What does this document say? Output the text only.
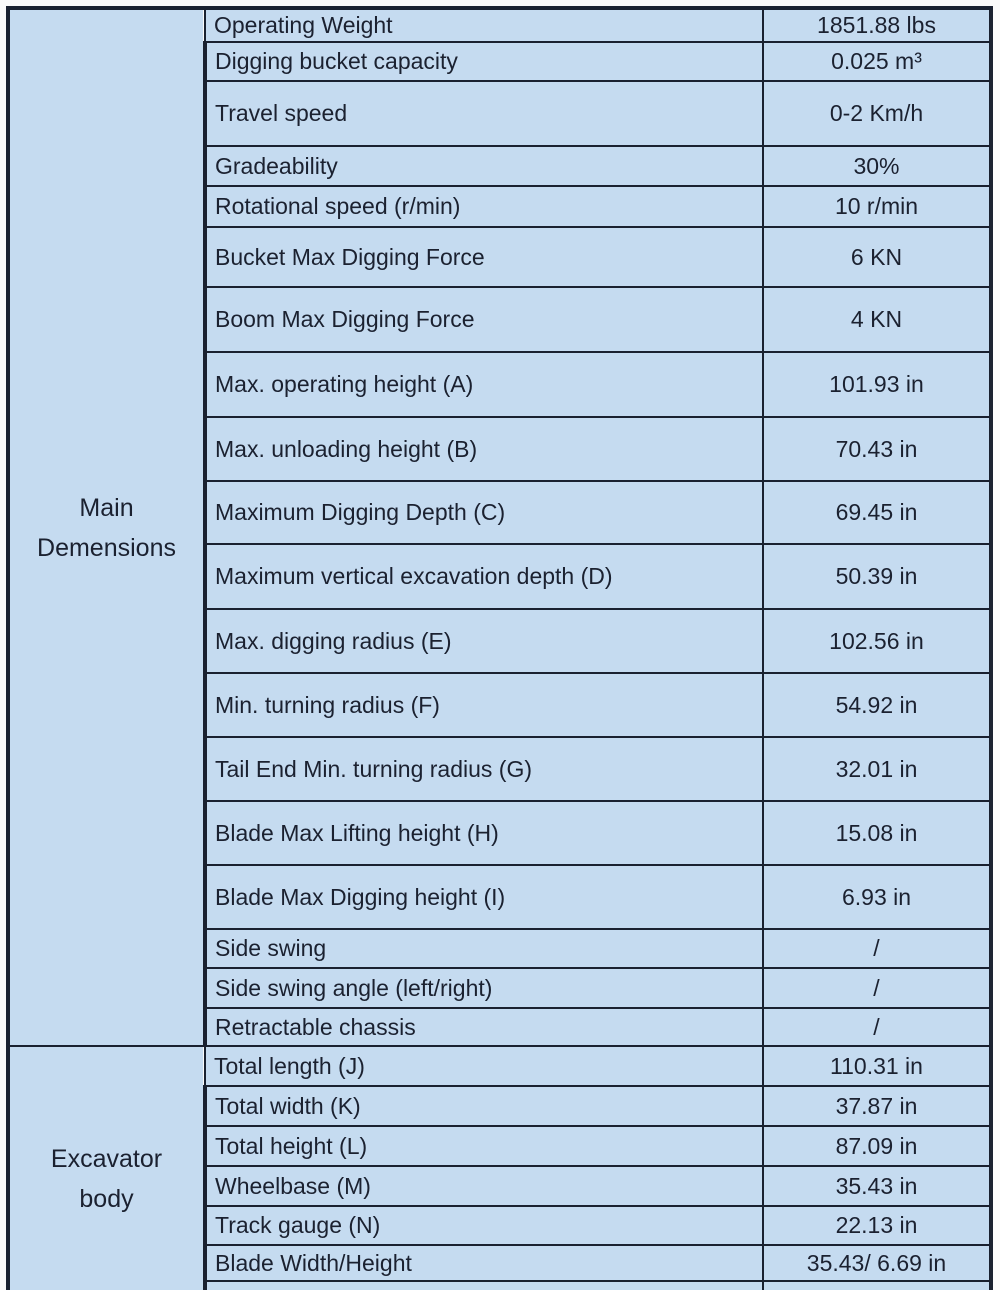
Main Demensions	Operating Weight	1851.88 lbs
	Digging bucket capacity	0.025 m³
	Travel speed	0-2 Km/h
	Gradeability	30%
	Rotational speed (r/min)	10 r/min
	Bucket Max Digging Force	6 KN
	Boom Max Digging Force	4 KN
	Max. operating height (A)	101.93 in
	Max. unloading height (B)	70.43 in
	Maximum Digging Depth (C)	69.45 in
	Maximum vertical excavation depth (D)	50.39 in
	Max. digging radius (E)	102.56 in
	Min. turning radius (F)	54.92 in
	Tail End Min. turning radius (G)	32.01 in
	Blade Max Lifting height (H)	15.08 in
	Blade Max Digging height (I)	6.93 in
	Side swing	/
	Side swing angle (left/right)	/
	Retractable chassis	/
Excavator body	Total length (J)	110.31 in
	Total width (K)	37.87 in
	Total height (L)	87.09 in
	Wheelbase (M)	35.43 in
	Track gauge (N)	22.13 in
	Blade Width/Height	35.43/ 6.69 in
